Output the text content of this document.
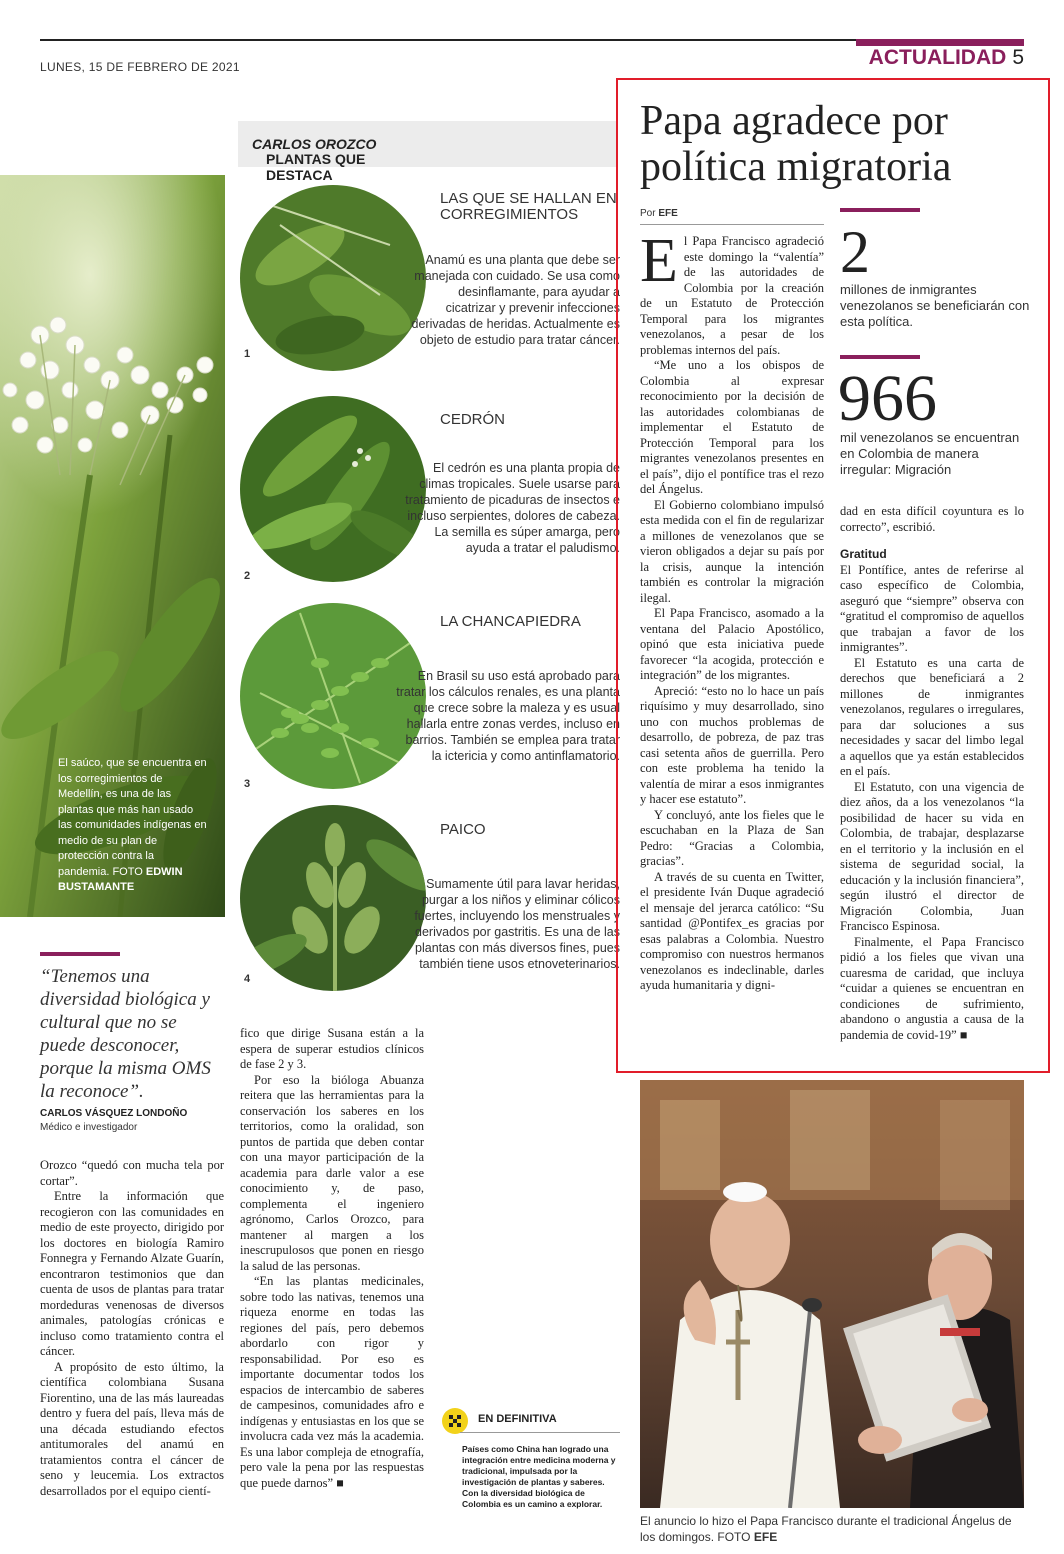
LUNES, 15 DE FEBRERO DE 2021	ACTUALIDAD 5
El saúco, que se encuentra en los corregimientos de Medellín, es una de las plantas que más han usado las comunidades indígenas en medio de su plan de protección contra la pandemia. FOTO EDWIN BUSTAMANTE
PLANTAS QUE DESTACA
CARLOS OROZCO
1
LAS QUE SE HALLAN EN CORREGIMIENTOS
Anamú es una planta que debe ser manejada con cuidado. Se usa como desinflamante, para ayudar a cicatrizar y prevenir infecciones derivadas de heridas. Actualmente es objeto de estudio para tratar cáncer.
2
CEDRÓN
El cedrón es una planta propia de climas tropicales. Suele usarse para tratamiento de picaduras de insectos e incluso serpientes, dolores de cabeza. La semilla es súper amarga, pero ayuda a tratar el paludismo.
3
LA CHANCAPIEDRA
En Brasil su uso está aprobado para tratar los cálculos renales, es una planta que crece sobre la maleza y es usual hallarla entre zonas verdes, incluso en barrios. También se emplea para tratar la ictericia y como antinflamatorio.
4
PAICO
Sumamente útil para lavar heridas, purgar a los niños y eliminar cólicos fuertes, incluyendo los menstruales y derivados por gastritis. Es una de las plantas con más diversos fines, pues también tiene usos etnoveterinarios.
“Tenemos una diversidad biológica y cultural que no se puede desconocer, porque la misma OMS la reconoce”.
CARLOS VÁSQUEZ LONDOÑO
Médico e investigador

Orozco “quedó con mucha tela por cortar”.

Entre la información que recogieron con las comunidades en medio de este proyecto, dirigido por los doctores en biología Ramiro Fonnegra y Fernando Alzate Guarín, encontraron testimonios que dan cuenta de usos de plantas para tratar mordeduras venenosas de diversos animales, patologías crónicas e incluso como tratamiento contra el cáncer.

A propósito de esto último, la científica colombiana Susana Fiorentino, una de las más laureadas dentro y fuera del país, lleva más de una década estudiando efectos antitumorales del anamú en tratamientos contra el cáncer de seno y leucemia. Los extractos desarrollados por el equipo cientí-

fico que dirige Susana están a la espera de superar estudios clínicos de fase 2 y 3.

Por eso la bióloga Abuanza reitera que las herramientas para la conservación los saberes en los territorios, como la oralidad, son puntos de partida que deben contar con una mayor participación de la academia para darle valor a ese conocimiento y, de paso, complementa el ingeniero agrónomo, Carlos Orozco, para mantener al margen a los inescrupulosos que ponen en riesgo la salud de las personas.

“En las plantas medicinales, sobre todo las nativas, tenemos una riqueza enorme en todas las regiones del país, pero debemos abordarlo con rigor y responsabilidad. Por eso es importante documentar todos los espacios de intercambio de saberes de campesinos, comunidades afro e indígenas y entusiastas en los que se involucra cada vez más la academia. Es una labor compleja de etnografía, pero vale la pena por las respuestas que puede darnos” ■

EN DEFINITIVA
Países como China han logrado una integración entre medicina moderna y tradicional, impulsada por la investigación de plantas y saberes. Con la diversidad biológica de Colombia es un camino a explorar.
Papa agradece por política migratoria
Por EFE

El Papa Francisco agradeció este domingo la “valentía” de las autoridades de Colombia por la creación de un Estatuto de Protección Temporal para los migrantes venezolanos, a pesar de los problemas internos del país.

“Me uno a los obispos de Colombia al expresar reconocimiento por la decisión de las autoridades colombianas de implementar el Estatuto de Protección Temporal para los migrantes venezolanos presentes en el país”, dijo el pontífice tras el rezo del Ángelus.

El Gobierno colombiano impulsó esta medida con el fin de regularizar a millones de venezolanos que se vieron obligados a dejar su país por la crisis, aunque la intención también es controlar la migración ilegal.

El Papa Francisco, asomado a la ventana del Palacio Apostólico, opinó que esta iniciativa puede favorecer “la acogida, protección e integración” de los migrantes.

Apreció: “esto no lo hace un país riquísimo y muy desarrollado, sino uno con muchos problemas de desarrollo, de pobreza, de paz tras casi setenta años de guerrilla. Pero con este problema ha tenido la valentía de mirar a esos inmigrantes y hacer ese estatuto”.

Y concluyó, ante los fieles que le escuchaban en la Plaza de San Pedro: “Gracias a Colombia, gracias”.

A través de su cuenta en Twitter, el presidente Iván Duque agradeció el mensaje del jerarca católico: “Su santidad @Pontifex_es gracias por esas palabras a Colombia. Nuestro compromiso con nuestros hermanos venezolanos es indeclinable, darles ayuda humanitaria y digni-

2
millones de inmigrantes venezolanos se beneficiarán con esta política.
966
mil venezolanos se encuentran en Colombia de manera irregular: Migración

dad en esta difícil coyuntura es lo correcto”, escribió.

Gratitud

El Pontífice, antes de referirse al caso específico de Colombia, aseguró que “siempre” observa con “gratitud el compromiso de aquellos que trabajan a favor de los inmigrantes”.

El Estatuto es una carta de derechos que beneficiará a 2 millones de inmigrantes venezolanos, regulares o irregulares, para dar soluciones a sus necesidades y sacar del limbo legal a aquellos que ya están establecidos en el país.

El Estatuto, con una vigencia de diez años, da a los venezolanos “la posibilidad de hacer su vida en Colombia, de trabajar, desplazarse en el territorio y la inclusión en el sistema de seguridad social, la educación y la inclusión financiera”, según ilustró el director de Migración Colombia, Juan Francisco Espinosa.

Finalmente, el Papa Francisco pidió a los fieles que vivan una cuaresma de caridad, que incluya “cuidar a quienes se encuentran en condiciones de sufrimiento, abandono o angustia a causa de la pandemia de covid-19” ■

El anuncio lo hizo el Papa Francisco durante el tradicional Ángelus de los domingos. FOTO EFE
